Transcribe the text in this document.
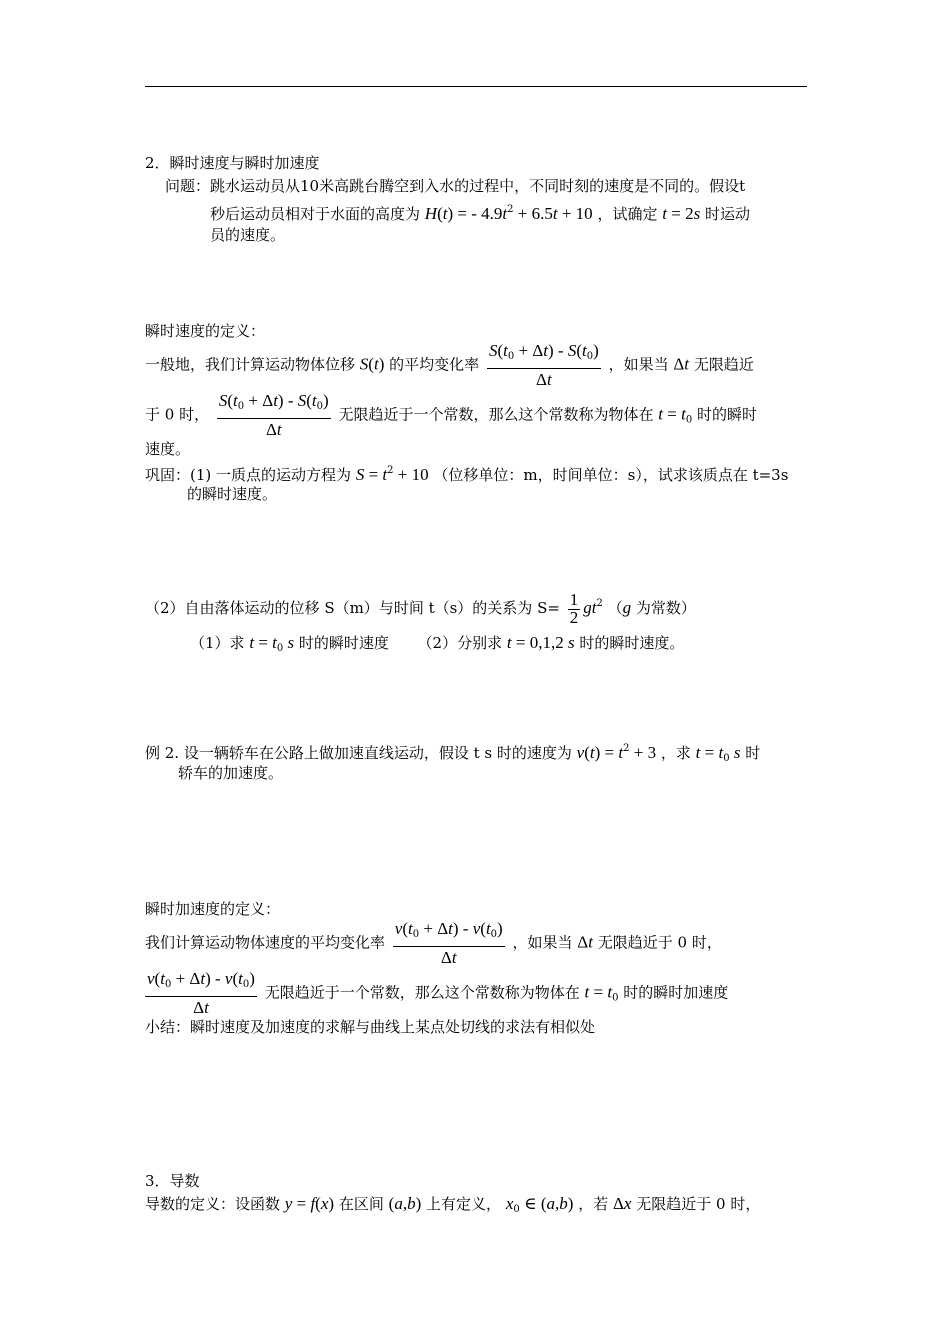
2．瞬时速度与瞬时加速度
问题：跳水运动员从10米高跳台腾空到入水的过程中，不同时刻的速度是不同的。假设t
秒后运动员相对于水面的高度为 H(t) = - $4.9t^2 + 6.5t + 10$ ，试确定 t = 2s 时运动
员的速度。
瞬时速度的定义：
一般地，我们计算运动物体位移 S(t) 的平均变化率 $\frac{S(t_0 + \Delta t) - S(t_0)}{\Delta t}$ ，如果当 Δt 无限趋近
于 0 时， $\frac{S(t_0 + \Delta t) - S(t_0)}{\Delta t}$ 无限趋近于一个常数，那么这个常数称为物体在 $t = t_0$ 时的瞬时
速度。
巩固：(1) 一质点的运动方程为 $S = t^2 + 10$ （位移单位：m，时间单位：s），试求该质点在 t=3s
的瞬时速度。
（2）自由落体运动的位移 S（m）与时间 t（s）的关系为 $S= \frac{1}{2} gt^2$ （g 为常数）
（1）求 $t = t_0$ s 时的瞬时速度 （2）分别求 t = 0,1,2 s 时的瞬时速度。
例 2. 设一辆轿车在公路上做加速直线运动，假设 t s 时的速度为 $v(t) = t^2 + 3$ ，求 $t = t_0$ s 时
轿车的加速度。
瞬时加速度的定义：
我们计算运动物体速度的平均变化率 $\frac{v(t_0 + \Delta t) - v(t_0)}{\Delta t}$ ，如果当 Δt 无限趋近于 0 时，
$\frac{v(t_0 + \Delta t) - v(t_0)}{\Delta t}$ 无限趋近于一个常数，那么这个常数称为物体在 $t = t_0$ 时的瞬时加速度
小结：瞬时速度及加速度的求解与曲线上某点处切线的求法有相似处
3．导数
导数的定义：设函数 y = f(x) 在区间 (a,b) 上有定义， $x_0$ ∈ (a,b) ，若 Δx 无限趋近于 0 时，
